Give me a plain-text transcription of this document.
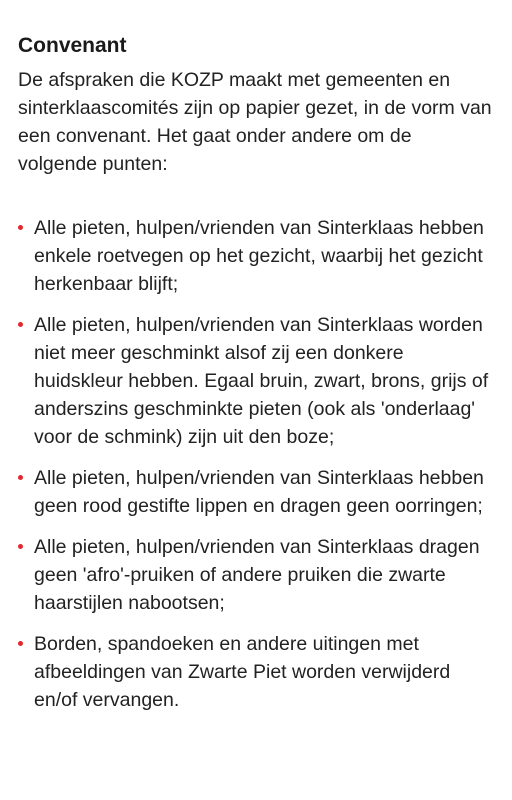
Convenant

De afspraken die KOZP maakt met gemeenten en sinterklaascomités zijn op papier gezet, in de vorm van een convenant. Het gaat onder andere om de volgende punten:

Alle pieten, hulpen/vrienden van Sinterklaas hebben enkele roetvegen op het gezicht, waarbij het gezicht herkenbaar blijft;
Alle pieten, hulpen/vrienden van Sinterklaas worden niet meer geschminkt alsof zij een donkere huidskleur hebben. Egaal bruin, zwart, brons, grijs of anderszins geschminkte pieten (ook als 'onderlaag' voor de schmink) zijn uit den boze;
Alle pieten, hulpen/vrienden van Sinterklaas hebben geen rood gestifte lippen en dragen geen oorringen;
Alle pieten, hulpen/vrienden van Sinterklaas dragen geen 'afro'-pruiken of andere pruiken die zwarte haarstijlen nabootsen;
Borden, spandoeken en andere uitingen met afbeeldingen van Zwarte Piet worden verwijderd en/of vervangen.
